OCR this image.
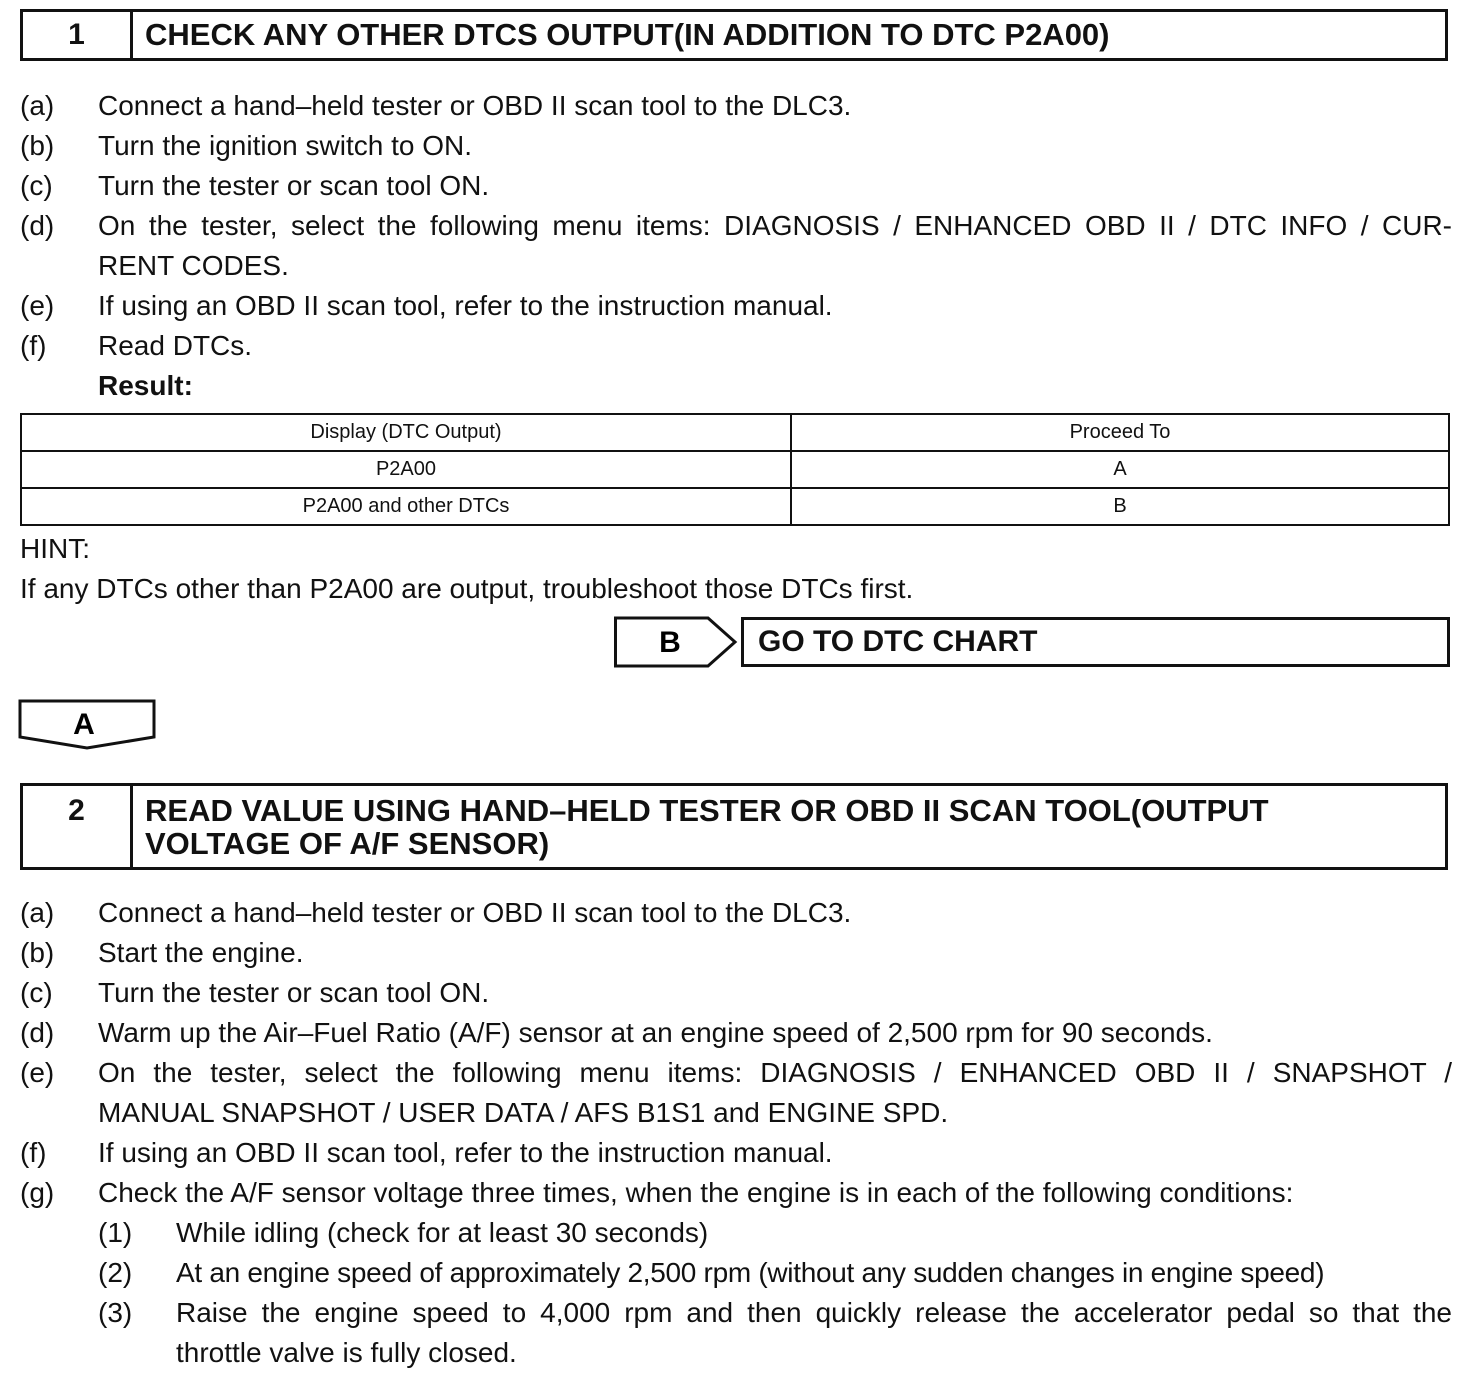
1	CHECK ANY OTHER DTCS OUTPUT(IN ADDITION TO DTC P2A00)
(a)	Connect a hand–held tester or OBD II scan tool to the DLC3.
(b)	Turn the ignition switch to ON.
(c)	Turn the tester or scan tool ON.
(d)	On the tester, select the following menu items: DIAGNOSIS / ENHANCED OBD II / DTC INFO / CUR-
RENT CODES.
(e)	If using an OBD II scan tool, refer to the instruction manual.
(f)	Read DTCs.
Result:
Display (DTC Output)	Proceed To
P2A00	A
P2A00 and other DTCs	B
HINT:
If any DTCs other than P2A00 are output, troubleshoot those DTCs first.
B	GO TO DTC CHART
A
2	READ VALUE USING HAND–HELD TESTER OR OBD II SCAN TOOL(OUTPUT
VOLTAGE OF A/F SENSOR)
(a)	Connect a hand–held tester or OBD II scan tool to the DLC3.
(b)	Start the engine.
(c)	Turn the tester or scan tool ON.
(d)	Warm up the Air–Fuel Ratio (A/F) sensor at an engine speed of 2,500 rpm for 90 seconds.
(e)	On the tester, select the following menu items: DIAGNOSIS / ENHANCED OBD II / SNAPSHOT /
MANUAL SNAPSHOT / USER DATA / AFS B1S1 and ENGINE SPD.
(f)	If using an OBD II scan tool, refer to the instruction manual.
(g)	Check the A/F sensor voltage three times, when the engine is in each of the following conditions:
(1)	While idling (check for at least 30 seconds)
(2)	At an engine speed of approximately 2,500 rpm (without any sudden changes in engine speed)
(3)	Raise the engine speed to 4,000 rpm and then quickly release the accelerator pedal so that the
throttle valve is fully closed.
